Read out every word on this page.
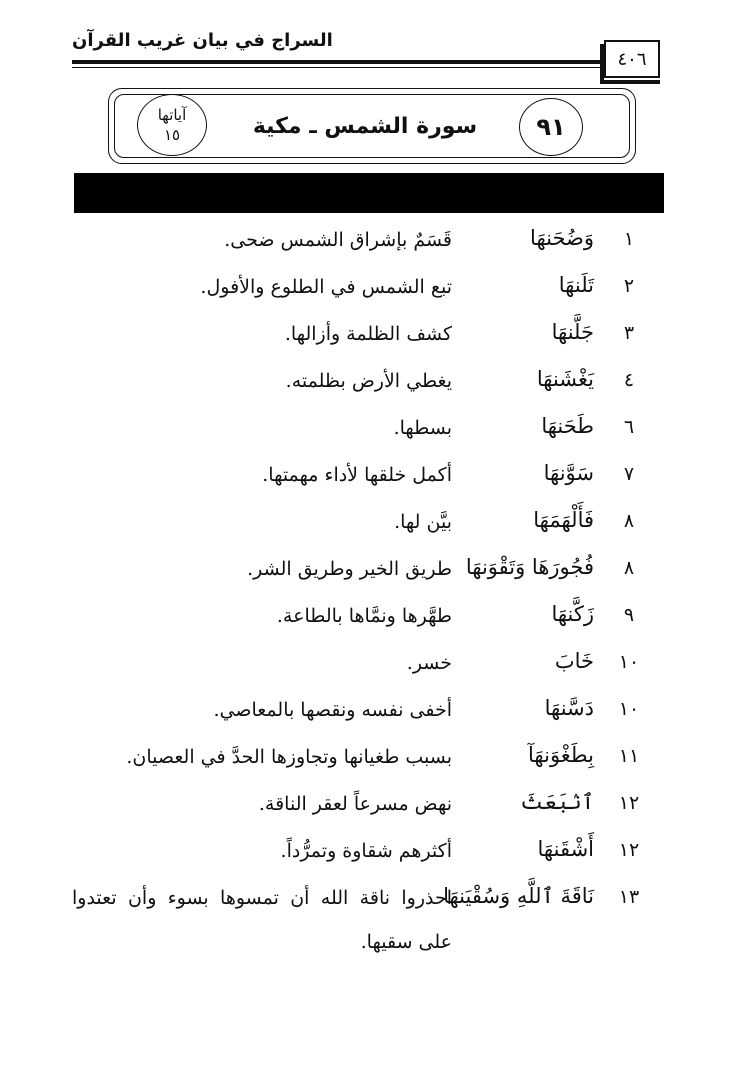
السراج في بيان غريب القرآن
٤٠٦
٩١
آياتها
١٥	سورة الشمس ـ مكية
١
وَضُحَنهَا
قَسَمٌ بإشراق الشمس ضحى.
٢
تَلَنهَا
تبع الشمس في الطلوع والأفول.
٣
جَلَّنهَا
كشف الظلمة وأزالها.
٤
يَغْشَنهَا
يغطي الأرض بظلمته.
٦
طَحَنهَا
بسطها.
٧
سَوَّنهَا
أكمل خلقها لأداء مهمتها.
٨
فَأَلْهَمَهَا
بيَّن لها.
٨
فُجُورَهَا وَتَقْوَنهَا
طريق الخير وطريق الشر.
٩
زَكَّنهَا
طهَّرها ونمَّاها بالطاعة.
١٠
خَابَ
خسر.
١٠
دَسَّنهَا
أخفى نفسه ونقصها بالمعاصي.
١١
بِطَغْوَنهَآ
بسبب طغيانها وتجاوزها الحدَّ في العصيان.
١٢
ٱنۢبَعَثَ
نهض مسرعاً لعقر الناقة.
١٢
أَشْقَنهَا
أكثرهم شقاوة وتمرُّداً.
١٣
نَاقَةَ ٱللَّهِ وَسُقْيَنهَا
احذروا ناقة الله أن تمسوها بسوء وأن تعتدوا على سقيها.
